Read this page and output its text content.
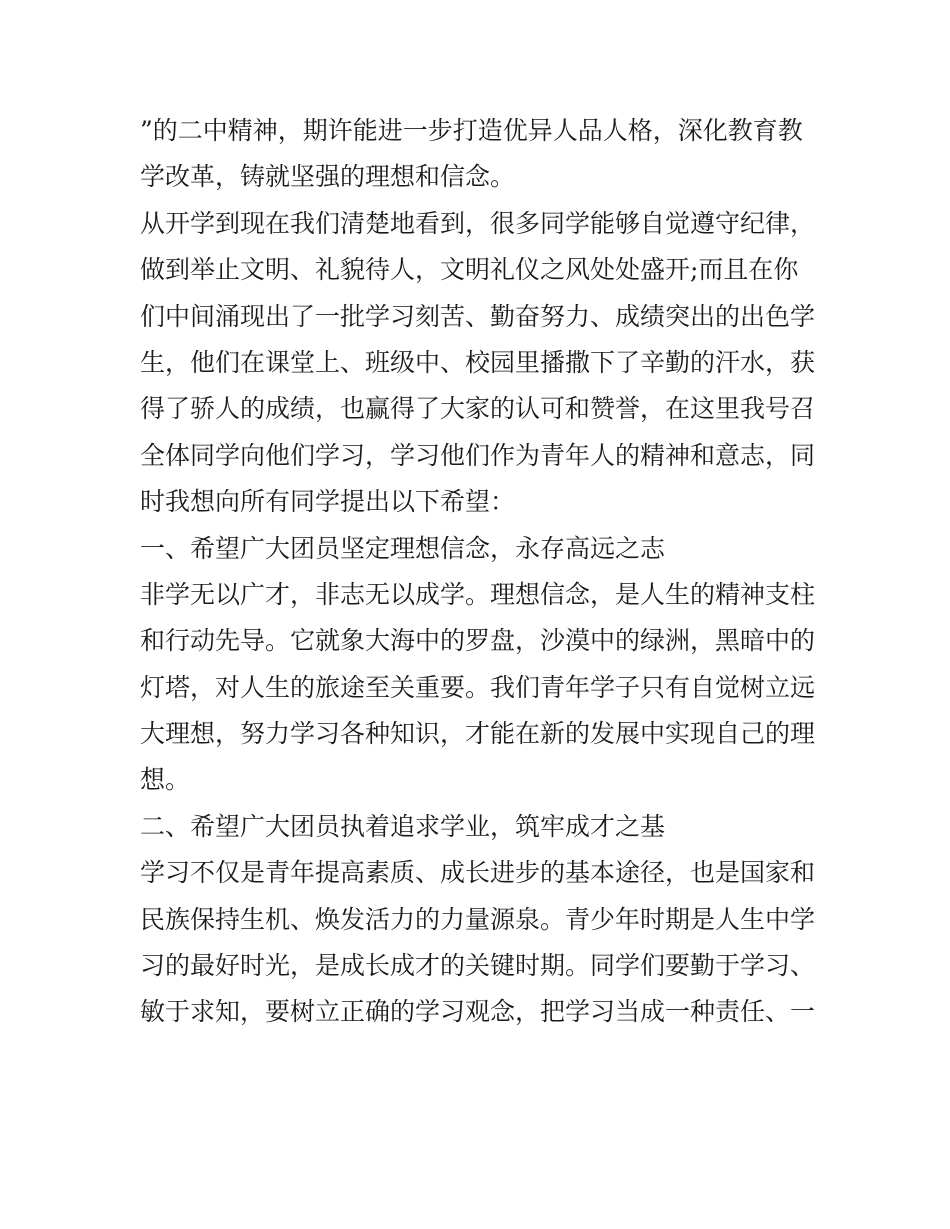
”的二中精神，期许能进一步打造优异人品人格，深化教育教
学改革，铸就坚强的理想和信念。
从开学到现在我们清楚地看到，很多同学能够自觉遵守纪律，
做到举止文明、礼貌待人，文明礼仪之风处处盛开;而且在你
们中间涌现出了一批学习刻苦、勤奋努力、成绩突出的出色学
生，他们在课堂上、班级中、校园里播撒下了辛勤的汗水，获
得了骄人的成绩，也赢得了大家的认可和赞誉，在这里我号召
全体同学向他们学习，学习他们作为青年人的精神和意志，同
时我想向所有同学提出以下希望：
一、希望广大团员坚定理想信念，永存高远之志
非学无以广才，非志无以成学。理想信念，是人生的精神支柱
和行动先导。它就象大海中的罗盘，沙漠中的绿洲，黑暗中的
灯塔，对人生的旅途至关重要。我们青年学子只有自觉树立远
大理想，努力学习各种知识，才能在新的发展中实现自己的理
想。
二、希望广大团员执着追求学业，筑牢成才之基
学习不仅是青年提高素质、成长进步的基本途径，也是国家和
民族保持生机、焕发活力的力量源泉。青少年时期是人生中学
习的最好时光，是成长成才的关键时期。同学们要勤于学习、
敏于求知，要树立正确的学习观念，把学习当成一种责任、一
